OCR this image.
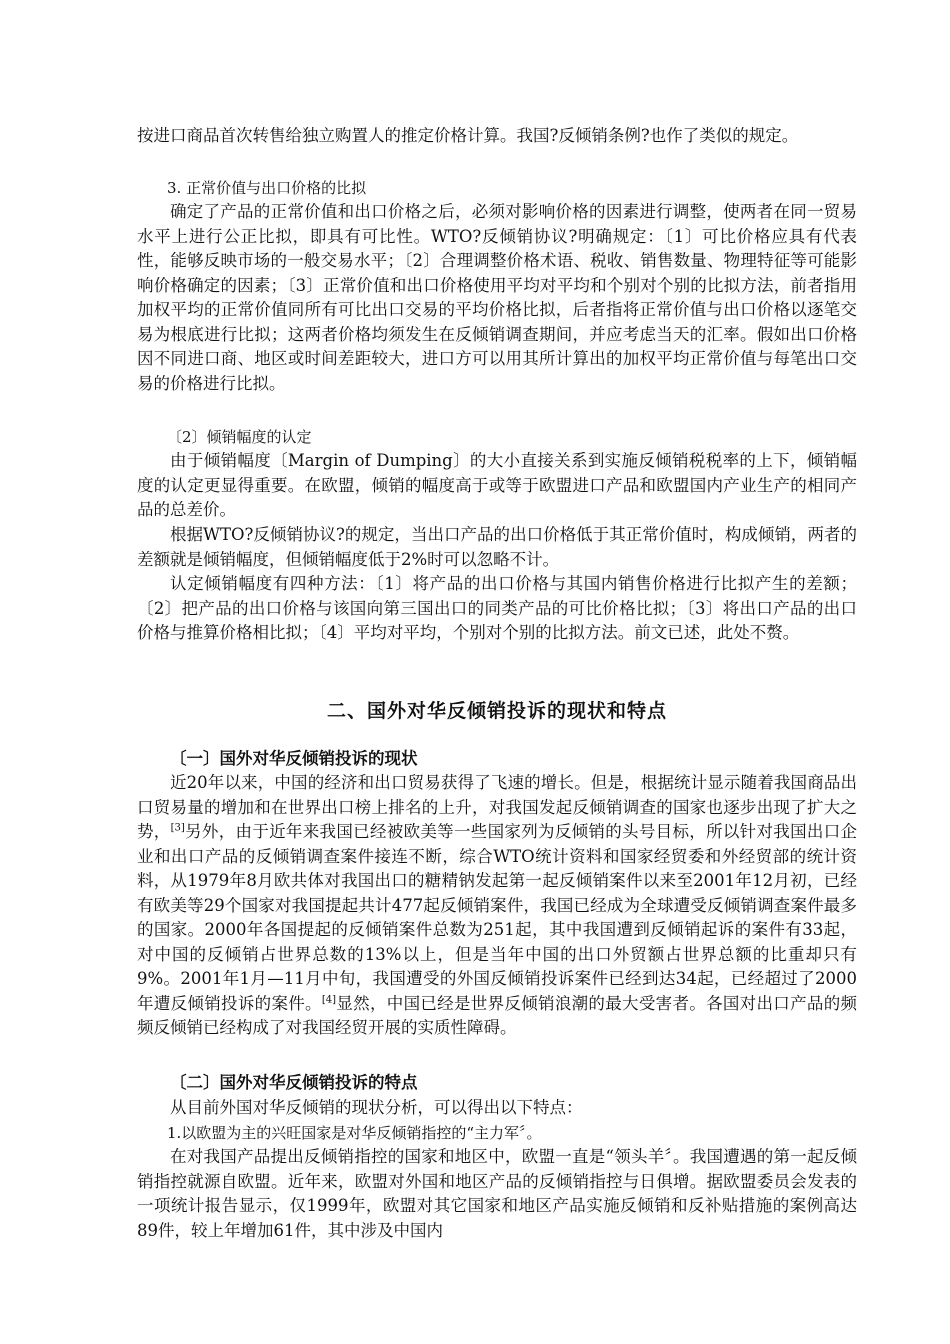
按进口商品首次转售给独立购置人的推定价格计算。我国?反倾销条例?也作了类似的规定。

3. 正常价值与出口价格的比拟

确定了产品的正常价值和出口价格之后，必须对影响价格的因素进行调整，使两者在同一贸易水平上进行公正比拟，即具有可比性。WTO?反倾销协议?明确规定：〔1〕可比价格应具有代表性，能够反映市场的一般交易水平；〔2〕合理调整价格术语、税收、销售数量、物理特征等可能影响价格确定的因素；〔3〕正常价值和出口价格使用平均对平均和个别对个别的比拟方法，前者指用加权平均的正常价值同所有可比出口交易的平均价格比拟，后者指将正常价值与出口价格以逐笔交易为根底进行比拟；这两者价格均须发生在反倾销调查期间，并应考虑当天的汇率。假如出口价格因不同进口商、地区或时间差距较大，进口方可以用其所计算出的加权平均正常价值与每笔出口交易的价格进行比拟。

〔2〕倾销幅度的认定

由于倾销幅度〔Margin of Dumping〕的大小直接关系到实施反倾销税税率的上下，倾销幅度的认定更显得重要。在欧盟，倾销的幅度高于或等于欧盟进口产品和欧盟国内产业生产的相同产品的总差价。

根据WTO?反倾销协议?的规定，当出口产品的出口价格低于其正常价值时，构成倾销，两者的差额就是倾销幅度，但倾销幅度低于2%时可以忽略不计。

认定倾销幅度有四种方法：〔1〕将产品的出口价格与其国内销售价格进行比拟产生的差额；〔2〕把产品的出口价格与该国向第三国出口的同类产品的可比价格比拟；〔3〕将出口产品的出口价格与推算价格相比拟；〔4〕平均对平均，个别对个别的比拟方法。前文已述，此处不赘。

二、国外对华反倾销投诉的现状和特点

〔一〕国外对华反倾销投诉的现状

近20年以来，中国的经济和出口贸易获得了飞速的增长。但是，根据统计显示随着我国商品出口贸易量的增加和在世界出口榜上排名的上升，对我国发起反倾销调查的国家也逐步出现了扩大之势，[3]另外，由于近年来我国已经被欧美等一些国家列为反倾销的头号目标，所以针对我国出口企业和出口产品的反倾销调查案件接连不断，综合WTO统计资料和国家经贸委和外经贸部的统计资料，从1979年8月欧共体对我国出口的糖精钠发起第一起反倾销案件以来至2001年12月初，已经有欧美等29个国家对我国提起共计477起反倾销案件，我国已经成为全球遭受反倾销调查案件最多的国家。2000年各国提起的反倾销案件总数为251起，其中我国遭到反倾销起诉的案件有33起，对中国的反倾销占世界总数的13%以上，但是当年中国的出口外贸额占世界总额的比重却只有9%。2001年1月—11月中旬，我国遭受的外国反倾销投诉案件已经到达34起，已经超过了2000年遭反倾销投诉的案件。[4]显然，中国已经是世界反倾销浪潮的最大受害者。各国对出口产品的频频反倾销已经构成了对我国经贸开展的实质性障碍。

〔二〕国外对华反倾销投诉的特点

从目前外国对华反倾销的现状分析，可以得出以下特点：

1.以欧盟为主的兴旺国家是对华反倾销指控的“主力军〞。

在对我国产品提出反倾销指控的国家和地区中，欧盟一直是“领头羊〞。我国遭遇的第一起反倾销指控就源自欧盟。近年来，欧盟对外国和地区产品的反倾销指控与日俱增。据欧盟委员会发表的一项统计报告显示，仅1999年，欧盟对其它国家和地区产品实施反倾销和反补贴措施的案例高达89件，较上年增加61件，其中涉及中国内
